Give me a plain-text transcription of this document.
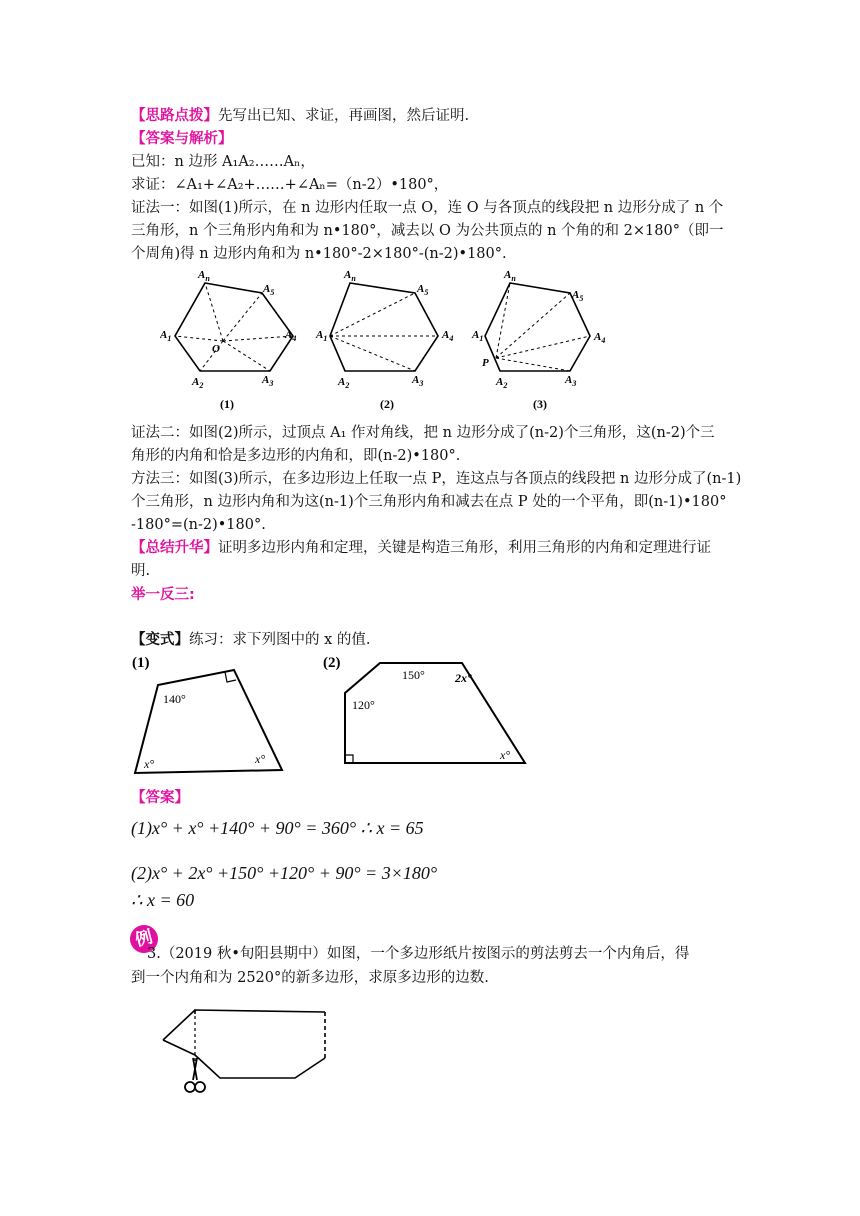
【思路点拨】先写出已知、求证，再画图，然后证明.
【答案与解析】
已知：n 边形 A₁A₂……Aₙ，
求证：∠A₁+∠A₂+……+∠Aₙ=（n-2）•180°，
证法一：如图(1)所示，在 n 边形内任取一点 O，连 O 与各顶点的线段把 n 边形分成了 n 个
三角形，n 个三角形内角和为 n•180°，减去以 O 为公共顶点的 n 个角的和 2×180°（即一
个周角)得 n 边形内角和为 n•180°-2×180°-(n-2)•180°.
$A_n$
$A_5$
$A_1$	$A_4$
$A_2$	$A_3$
O
$A_n$
$A_5$
$A_1$	$A_4$
$A_2$	$A_3$
$A_n$
$A_5$
$A_1$	$A_4$
$A_2$	$A_3$
P
(1)	(2)	(3)
证法二：如图(2)所示，过顶点 A₁ 作对角线，把 n 边形分成了(n-2)个三角形，这(n-2)个三
角形的内角和恰是多边形的内角和，即(n-2)•180°.
方法三：如图(3)所示，在多边形边上任取一点 P，连这点与各顶点的线段把 n 边形分成了(n-1)
个三角形，n 边形内角和为这(n-1)个三角形内角和减去在点 P 处的一个平角，即(n-1)•180°
-180°=(n-2)•180°.
【总结升华】证明多边形内角和定理，关键是构造三角形，利用三角形的内角和定理进行证
明.
举一反三:
【变式】练习：求下列图中的 x 的值.
(1)	(2)
140°
x°	x°
150°	2x°
120°
x°
【答案】
(1)x° + x° +140° + 90° = 360° ∴ x = 65
(2)x° + 2x° +150° +120° + 90° = 3×180°
∴ x = 60
例
3.（2019 秋•旬阳县期中）如图，一个多边形纸片按图示的剪法剪去一个内角后，得
到一个内角和为 2520°的新多边形，求原多边形的边数.
